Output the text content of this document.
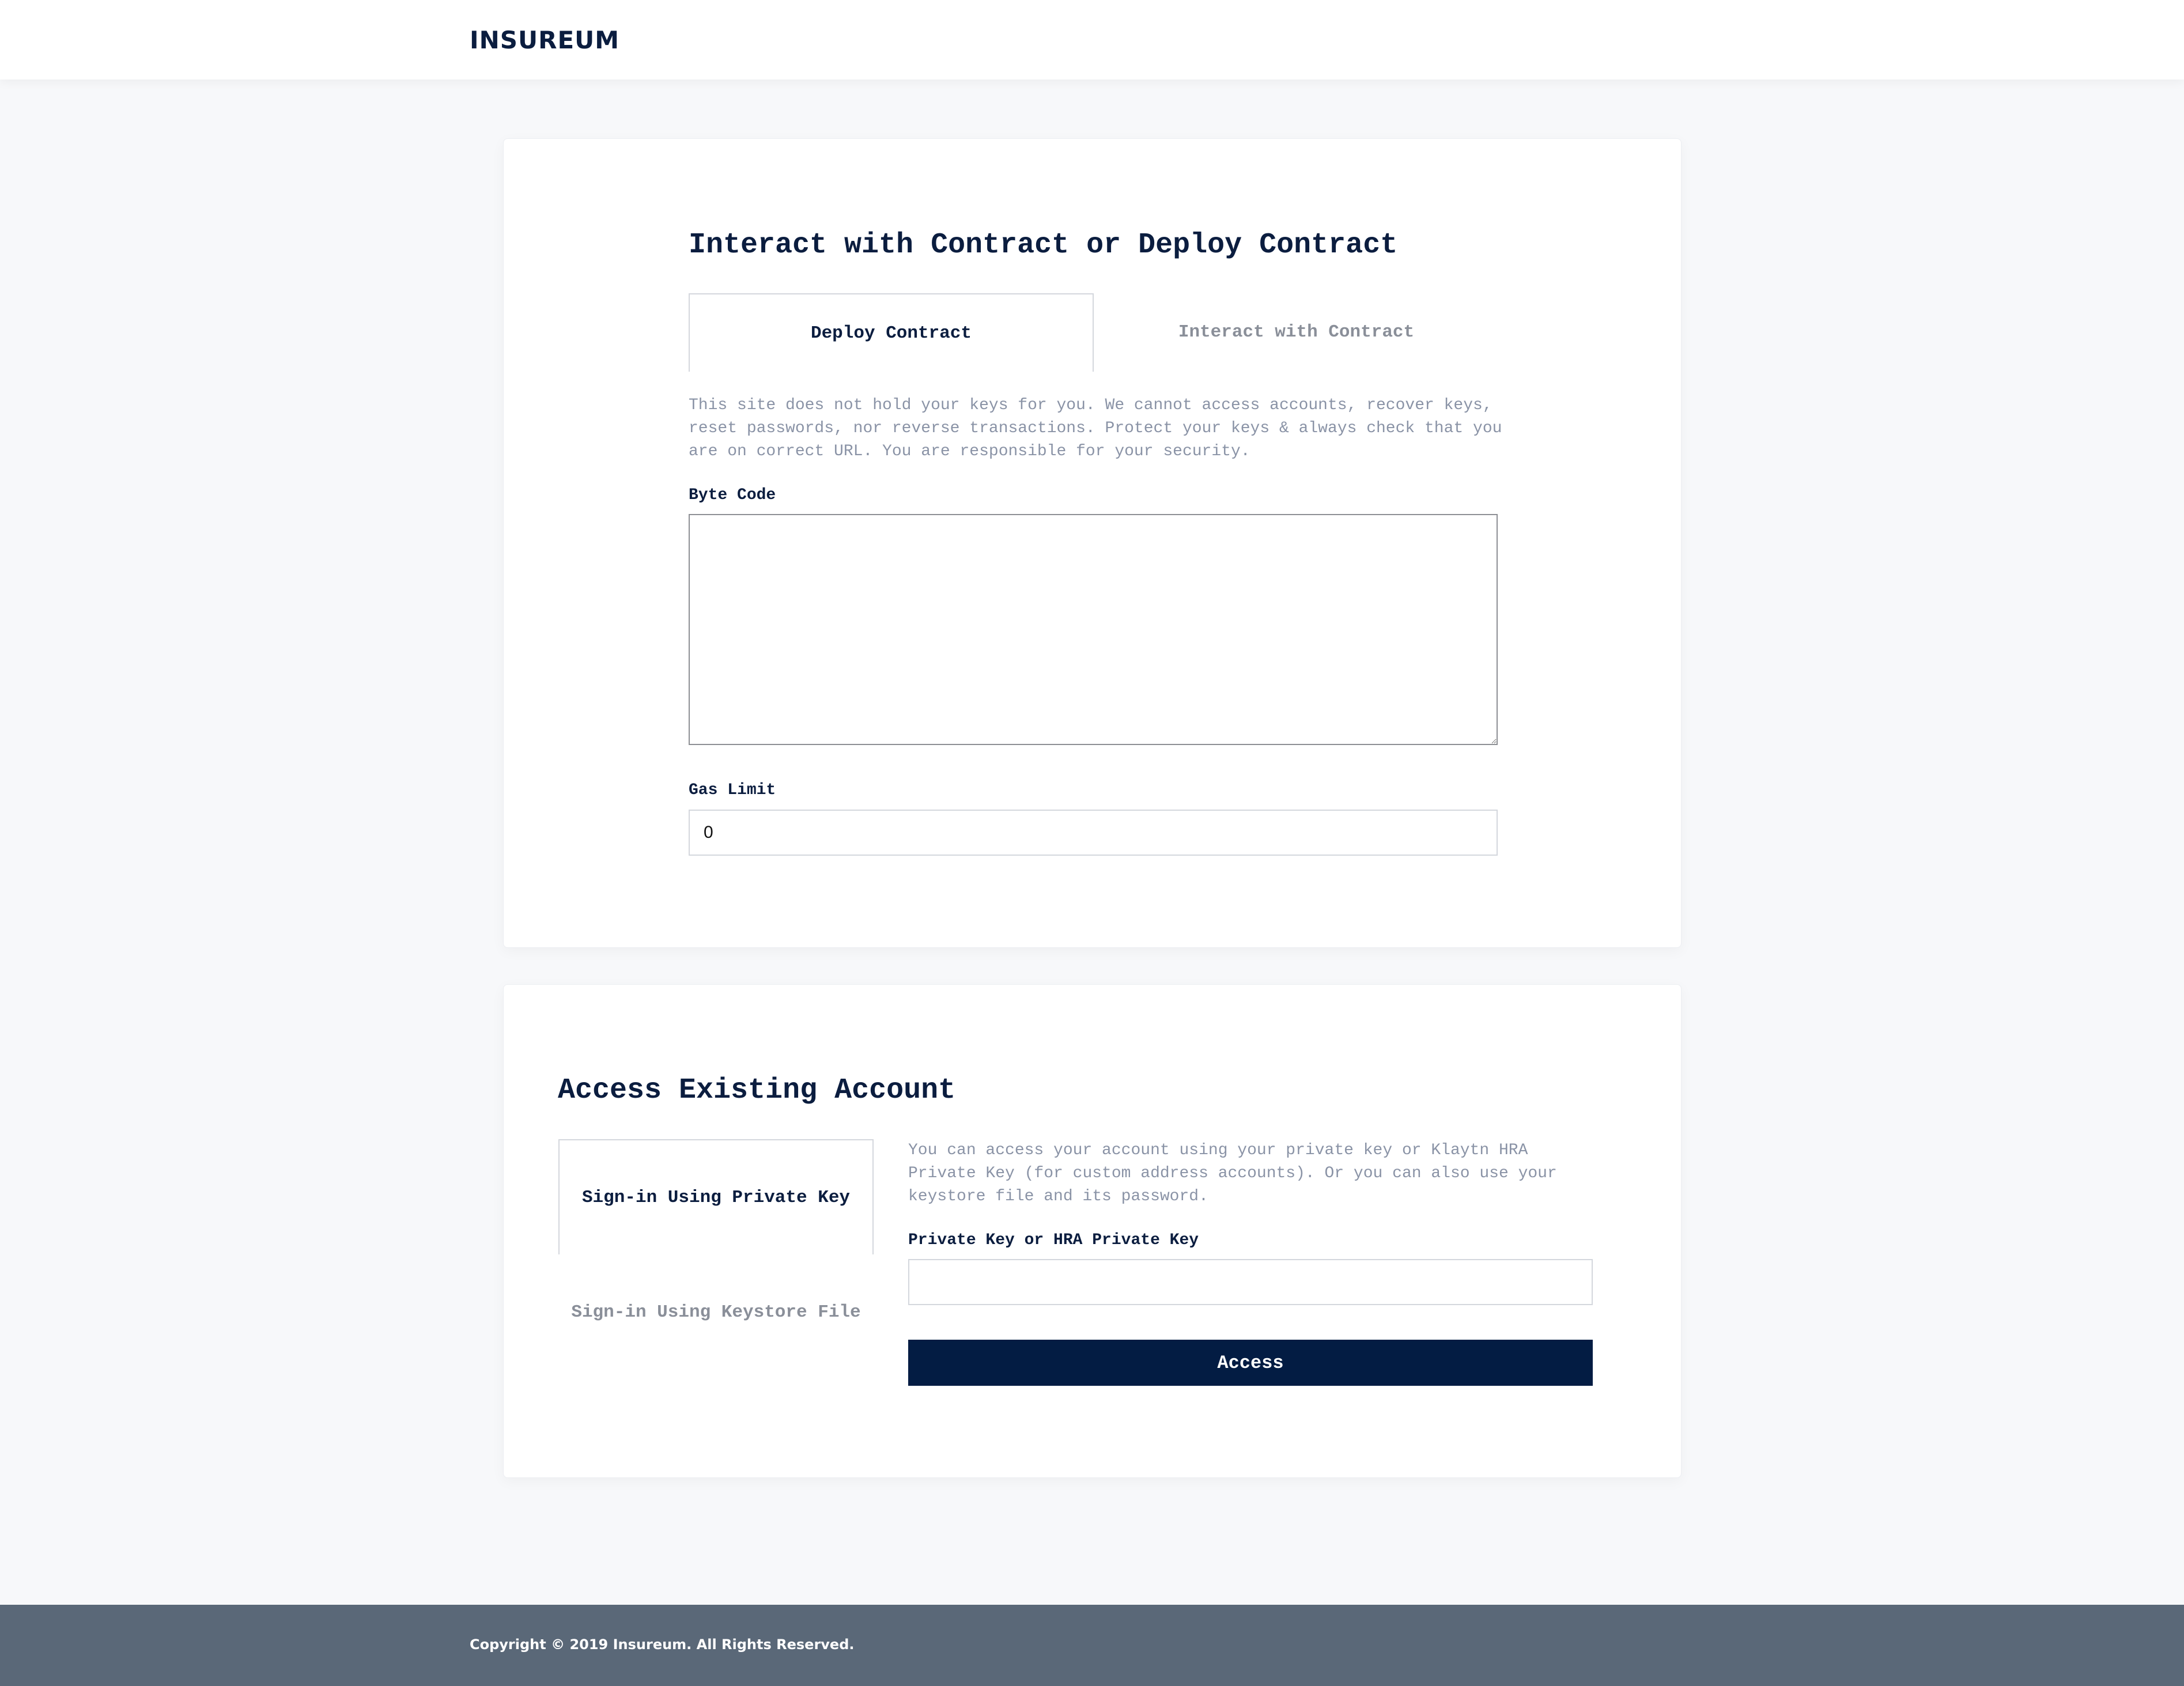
INSUREUM
Interact with Contract or Deploy Contract
Deploy Contract	Interact with Contract
This site does not hold your keys for you. We cannot access accounts, recover keys, reset passwords, nor reverse transactions. Protect your keys & always check that you are on correct URL. You are responsible for your security.
Byte Code
Gas Limit
0
Access Existing Account
Sign-in Using Private Key
Sign-in Using Keystore File
You can access your account using your private key or Klaytn HRA Private Key (for custom address accounts). Or you can also use your keystore file and its password.
Private Key or HRA Private Key
Access
Copyright © 2019 Insureum. All Rights Reserved.
